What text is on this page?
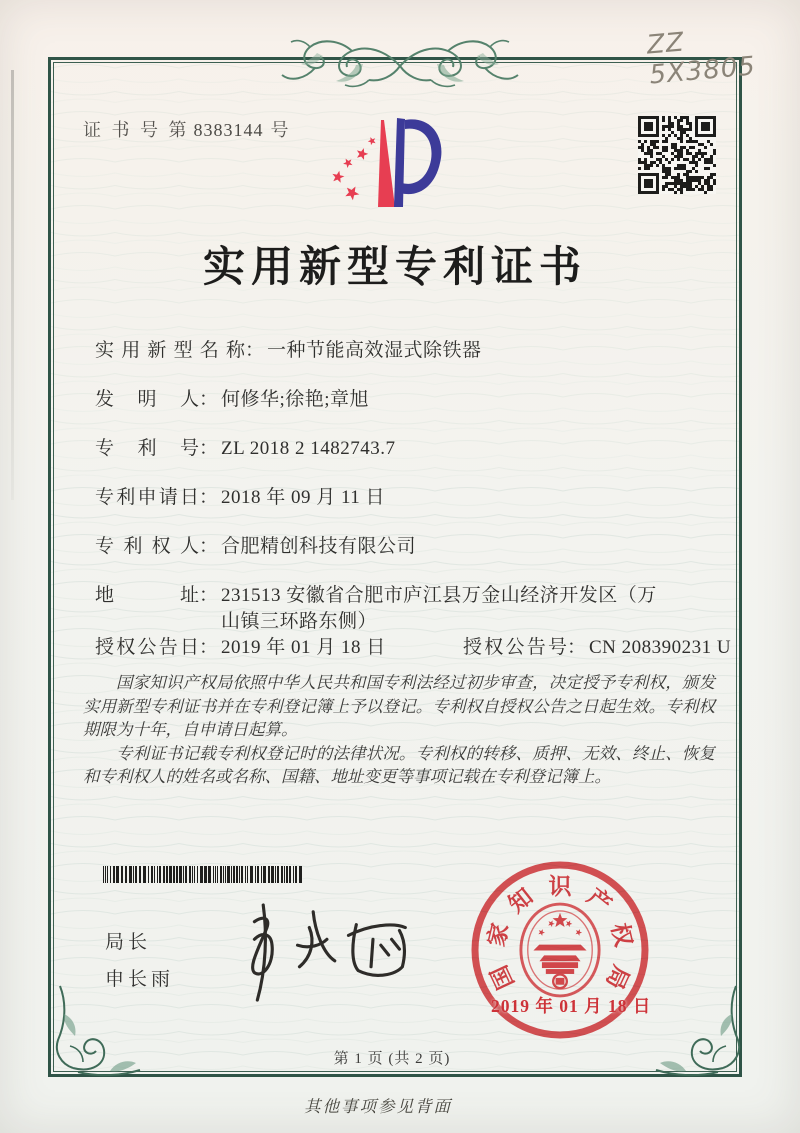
ZZ 5X3805
证 书 号 第 8383144 号
实用新型专利证书
实用新型名称 ： 一种节能高效湿式除铁器
发明人 ： 何修华;徐艳;章旭
专利号 ： ZL 2018 2 1482743.7
专利申请日 ： 2018 年 09 月 11 日
专利权人 ： 合肥精创科技有限公司
地址 ： 231513 安徽省合肥市庐江县万金山经济开发区（万山镇三环路东侧）
授权公告日 ： 2019 年 01 月 18 日	授权公告号 ： CN 208390231 U

国家知识产权局依照中华人民共和国专利法经过初步审查，决定授予专利权，颁发实用新型专利证书并在专利登记簿上予以登记。专利权自授权公告之日起生效。专利权期限为十年，自申请日起算。

专利证书记载专利权登记时的法律状况。专利权的转移、质押、无效、终止、恢复和专利权人的姓名或名称、国籍、地址变更等事项记载在专利登记簿上。

局长
申长雨	国
家
知 识 产
权
局
2019 年 01 月 18 日
第 1 页 (共 2 页)
其他事项参见背面
